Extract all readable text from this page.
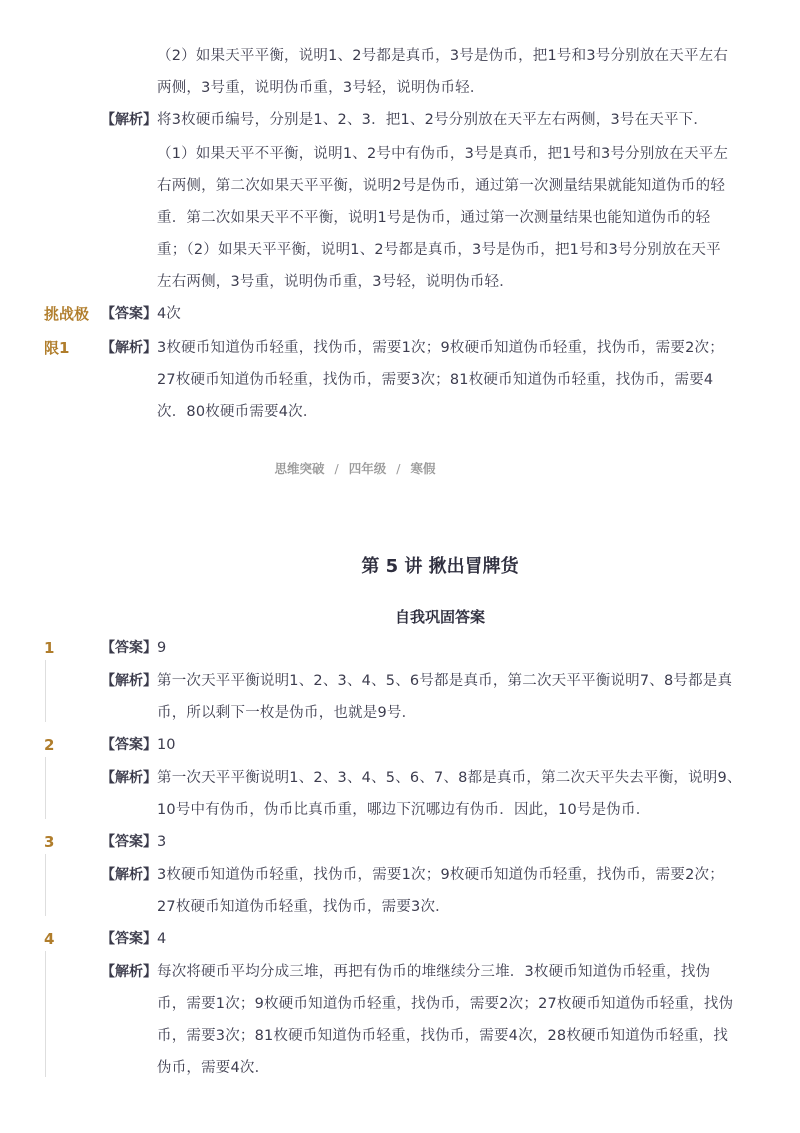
（2）如果天平平衡，说明1、2号都是真币，3号是伪币，把1号和3号分别放在天平左右
两侧，3号重，说明伪币重，3号轻，说明伪币轻．
【解析】 将3枚硬币编号，分别是1、2、3．把1、2号分别放在天平左右两侧，3号在天平下．
（1）如果天平不平衡，说明1、2号中有伪币，3号是真币，把1号和3号分别放在天平左
右两侧，第二次如果天平平衡，说明2号是伪币，通过第一次测量结果就能知道伪币的轻
重．第二次如果天平不平衡，说明1号是伪币，通过第一次测量结果也能知道伪币的轻
重；（2）如果天平平衡，说明1、2号都是真币，3号是伪币，把1号和3号分别放在天平
左右两侧，3号重，说明伪币重，3号轻，说明伪币轻．
挑战极
限1
【答案】 4次
【解析】 3枚硬币知道伪币轻重，找伪币，需要1次；9枚硬币知道伪币轻重，找伪币，需要2次；
27枚硬币知道伪币轻重，找伪币，需要3次；81枚硬币知道伪币轻重，找伪币，需要4
次．80枚硬币需要4次．
思维突破 / 四年级 / 寒假
第 5 讲 揪出冒牌货
自我巩固答案
1	【答案】 9
【解析】 第一次天平平衡说明1、2、3、4、5、6号都是真币，第二次天平平衡说明7、8号都是真
币，所以剩下一枚是伪币，也就是9号．
2	【答案】 10
【解析】 第一次天平平衡说明1、2、3、4、5、6、7、8都是真币，第二次天平失去平衡，说明9、
10号中有伪币，伪币比真币重，哪边下沉哪边有伪币．因此，10号是伪币．
3	【答案】 3
【解析】 3枚硬币知道伪币轻重，找伪币，需要1次；9枚硬币知道伪币轻重，找伪币，需要2次；
27枚硬币知道伪币轻重，找伪币，需要3次．
4	【答案】 4
【解析】 每次将硬币平均分成三堆，再把有伪币的堆继续分三堆．3枚硬币知道伪币轻重，找伪
币，需要1次；9枚硬币知道伪币轻重，找伪币，需要2次；27枚硬币知道伪币轻重，找伪
币，需要3次；81枚硬币知道伪币轻重，找伪币，需要4次，28枚硬币知道伪币轻重，找
伪币，需要4次．
